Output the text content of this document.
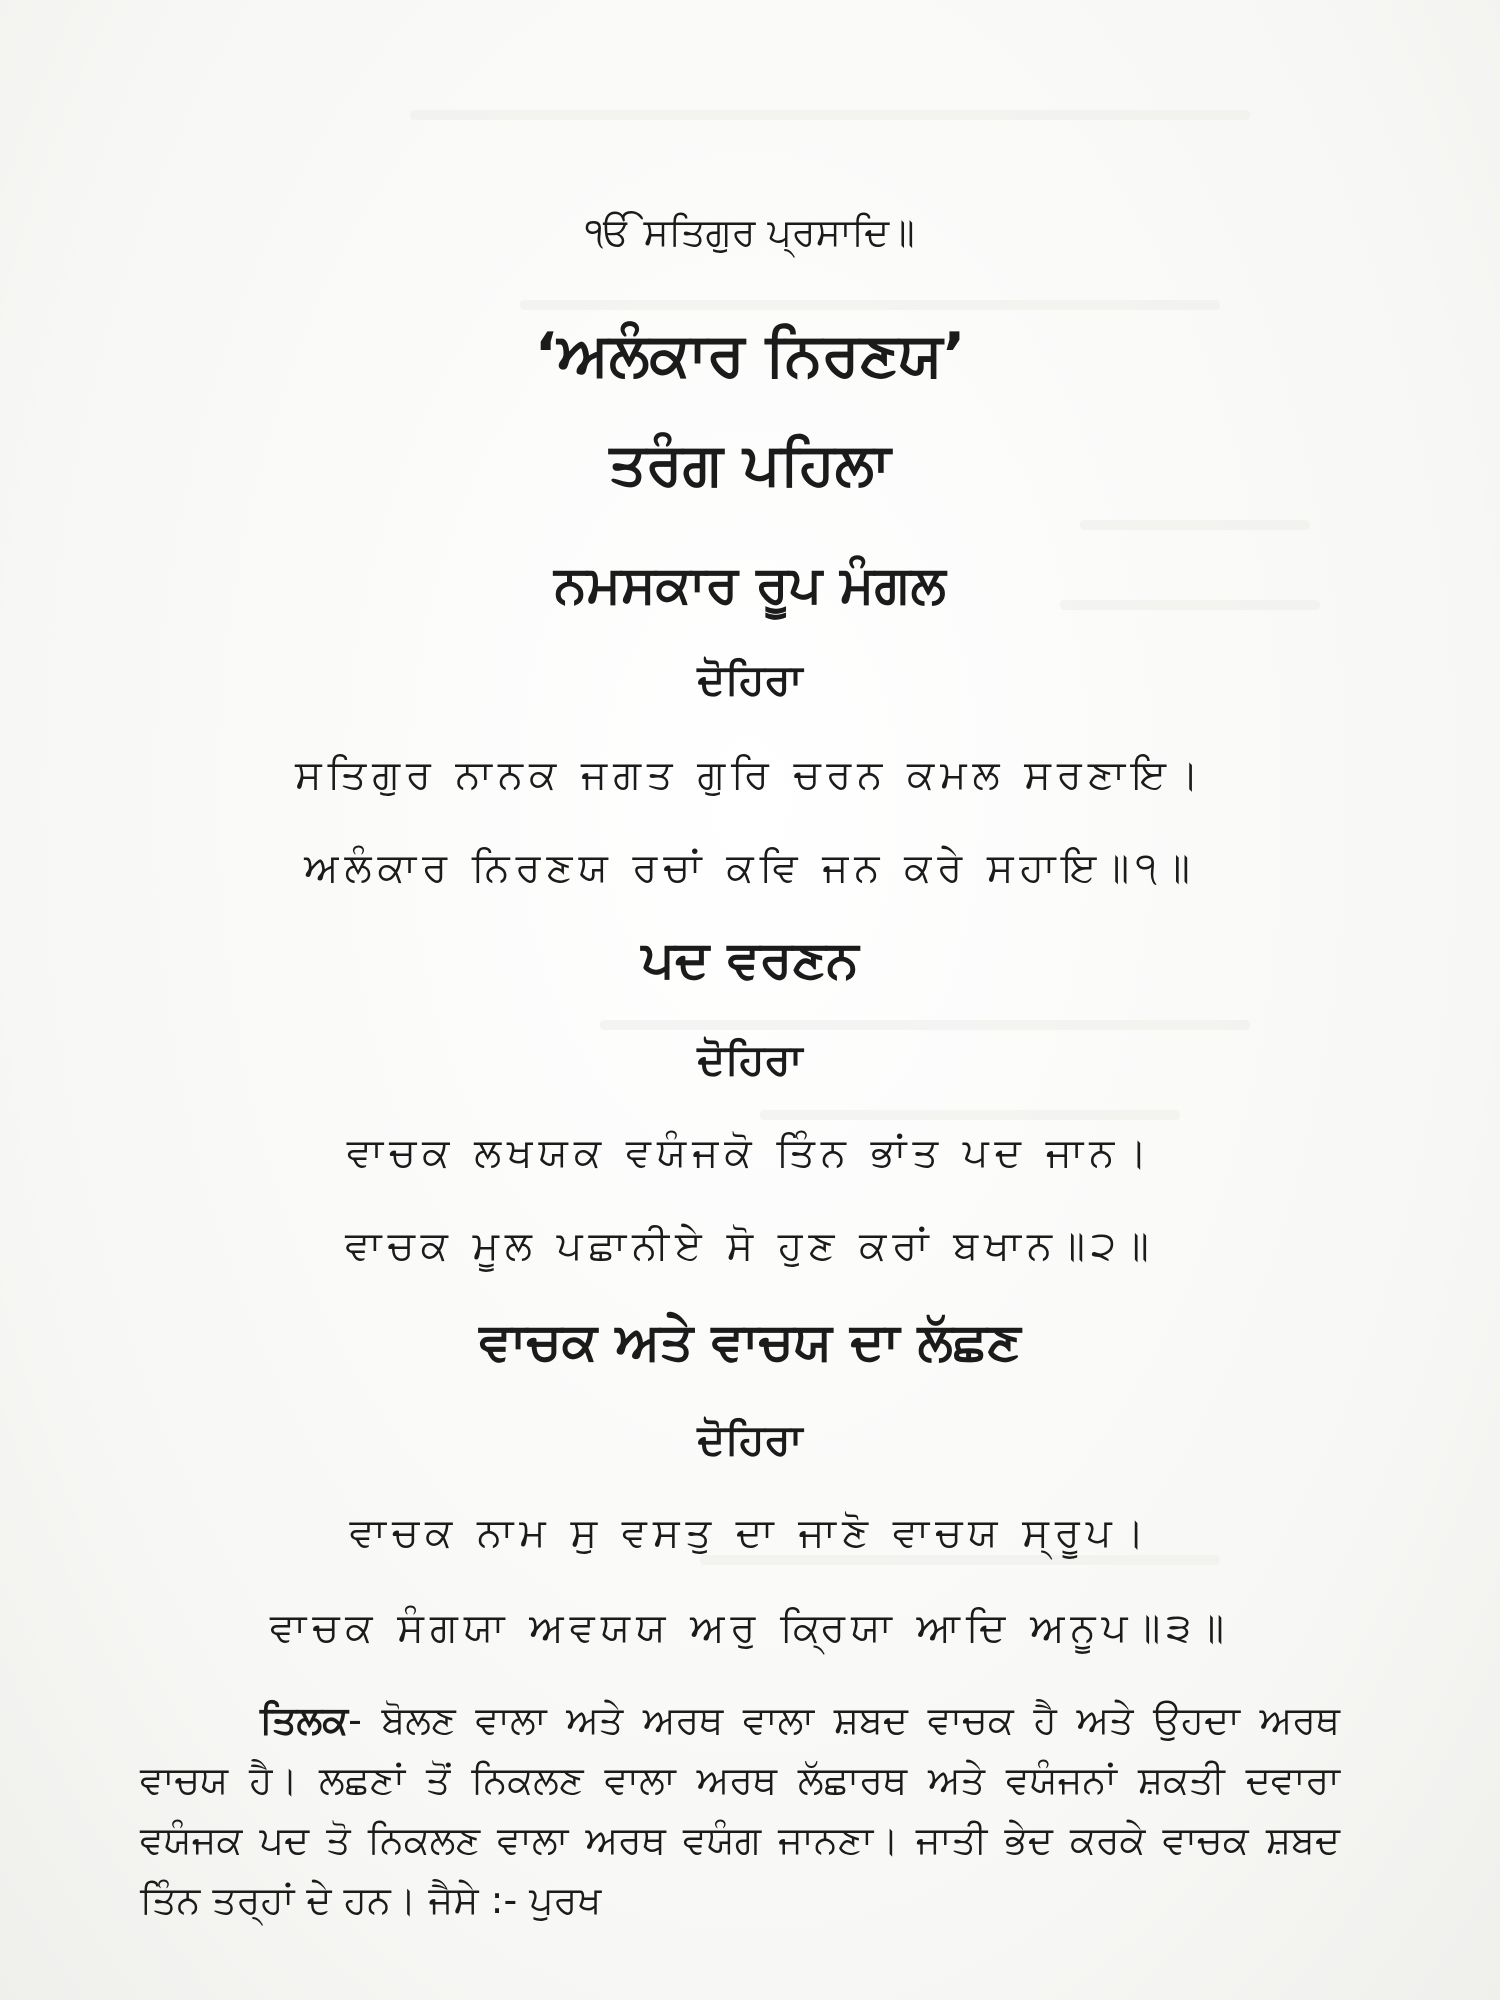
ੴ ਸਤਿਗੁਰ ਪ੍ਰਸਾਦਿ॥
‘ਅਲੰਕਾਰ ਨਿਰਣਯ’
ਤਰੰਗ ਪਹਿਲਾ
ਨਮਸਕਾਰ ਰੂਪ ਮੰਗਲ
ਦੋਹਿਰਾ
ਸਤਿਗੁਰ ਨਾਨਕ ਜਗਤ ਗੁਰਿ ਚਰਨ ਕਮਲ ਸਰਣਾਇ।
ਅਲੰਕਾਰ ਨਿਰਣਯ ਰਚਾਂ ਕਵਿ ਜਨ ਕਰੇ ਸਹਾਇ॥੧॥
ਪਦ ਵਰਣਨ
ਦੋਹਿਰਾ
ਵਾਚਕ ਲਖਯਕ ਵਯੰਜਕੋ ਤਿੰਨ ਭਾਂਤ ਪਦ ਜਾਨ।
ਵਾਚਕ ਮੂਲ ਪਛਾਨੀਏ ਸੋ ਹੁਣ ਕਰਾਂ ਬਖਾਨ॥੨॥
ਵਾਚਕ ਅਤੇ ਵਾਚਯ ਦਾ ਲੱਛਣ
ਦੋਹਿਰਾ
ਵਾਚਕ ਨਾਮ ਸੁ ਵਸਤੁ ਦਾ ਜਾਣੋ ਵਾਚਯ ਸ੍ਰੂਪ।
ਵਾਚਕ ਸੰਗਯਾ ਅਵਯਯ ਅਰੁ ਕ੍ਰਿਯਾ ਆਦਿ ਅਨੂਪ॥੩॥
ਤਿਲਕ- ਬੋਲਣ ਵਾਲਾ ਅਤੇ ਅਰਥ ਵਾਲਾ ਸ਼ਬਦ ਵਾਚਕ ਹੈ ਅਤੇ ਉਹਦਾ ਅਰਥ ਵਾਚਯ ਹੈ। ਲਛਣਾਂ ਤੋਂ ਨਿਕਲਣ ਵਾਲਾ ਅਰਥ ਲੱਛਾਰਥ ਅਤੇ ਵਯੰਜਨਾਂ ਸ਼ਕਤੀ ਦਵਾਰਾ ਵਯੰਜਕ ਪਦ ਤੋ ਨਿਕਲਣ ਵਾਲਾ ਅਰਥ ਵਯੰਗ ਜਾਨਣਾ। ਜਾਤੀ ਭੇਦ ਕਰਕੇ ਵਾਚਕ ਸ਼ਬਦ ਤਿੰਨ ਤਰ੍ਹਾਂ ਦੇ ਹਨ। ਜੈਸੇ :- ਪੁਰਖ
